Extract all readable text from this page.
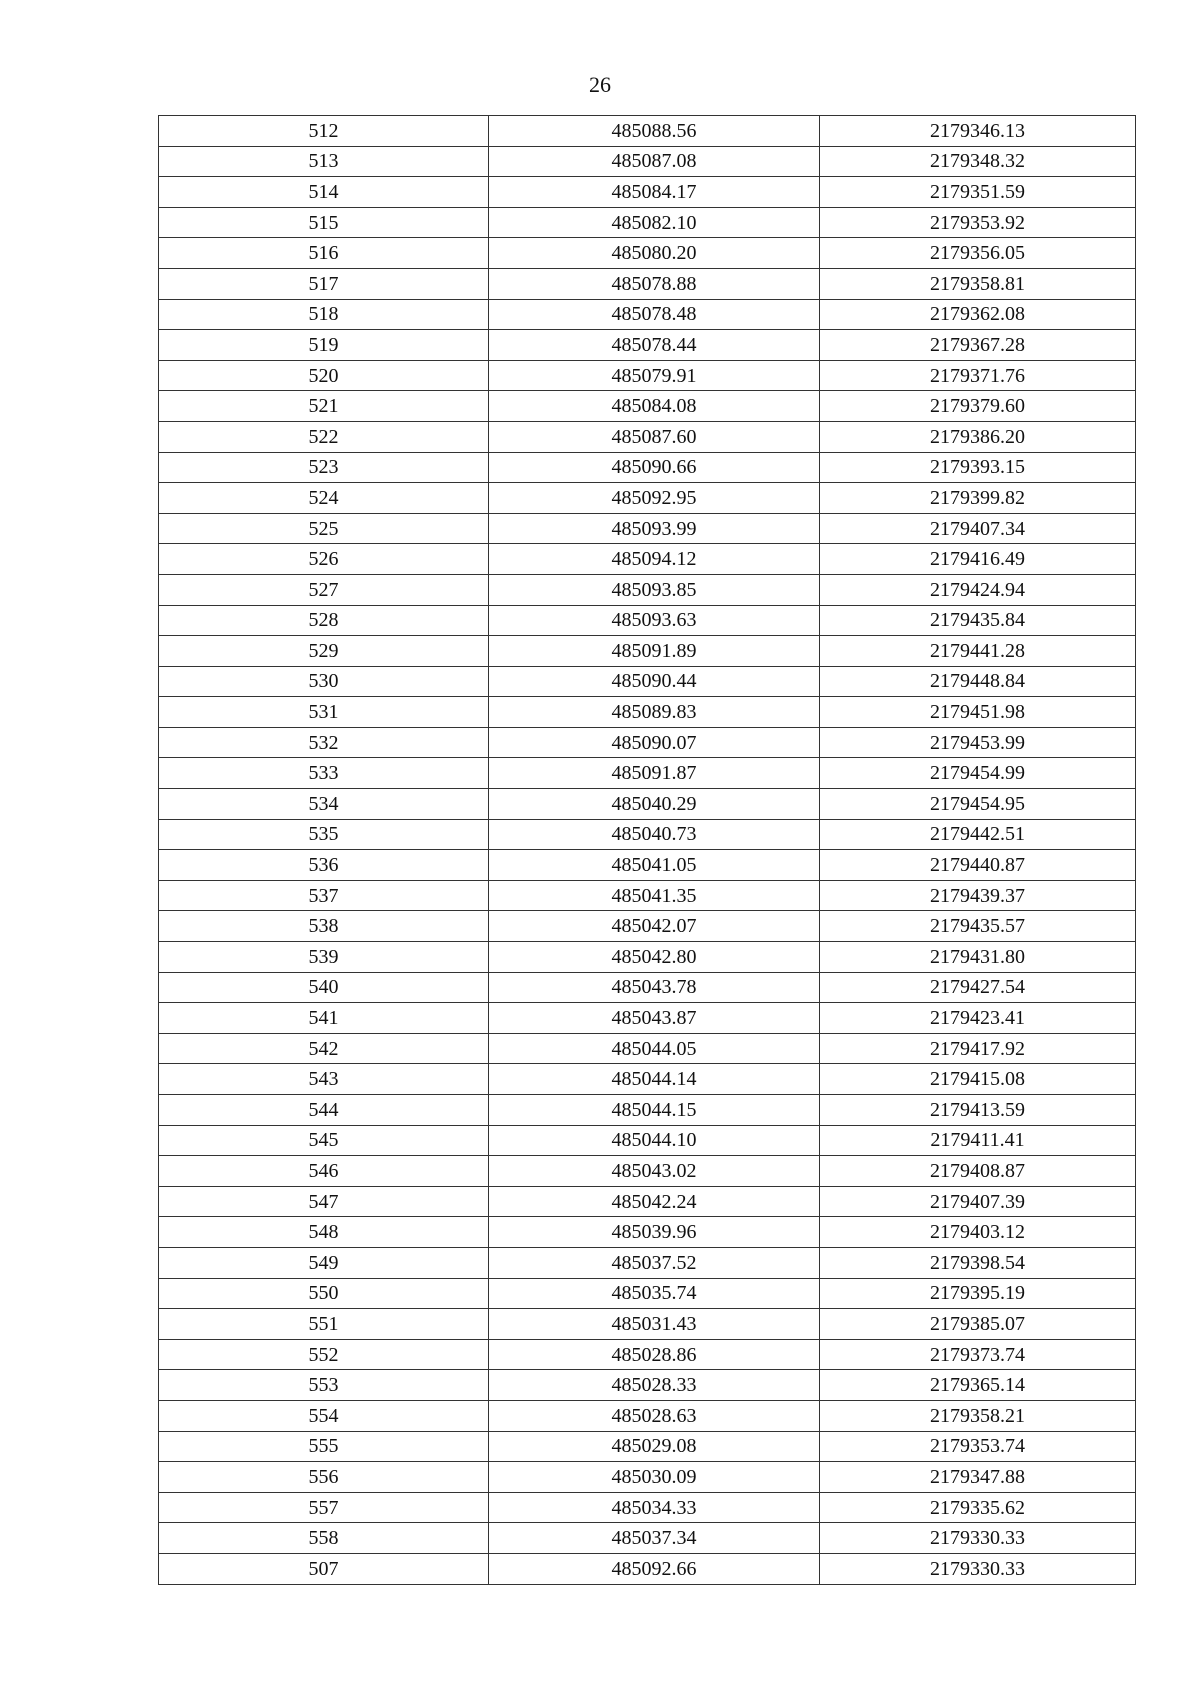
26
512	485088.56	2179346.13
513	485087.08	2179348.32
514	485084.17	2179351.59
515	485082.10	2179353.92
516	485080.20	2179356.05
517	485078.88	2179358.81
518	485078.48	2179362.08
519	485078.44	2179367.28
520	485079.91	2179371.76
521	485084.08	2179379.60
522	485087.60	2179386.20
523	485090.66	2179393.15
524	485092.95	2179399.82
525	485093.99	2179407.34
526	485094.12	2179416.49
527	485093.85	2179424.94
528	485093.63	2179435.84
529	485091.89	2179441.28
530	485090.44	2179448.84
531	485089.83	2179451.98
532	485090.07	2179453.99
533	485091.87	2179454.99
534	485040.29	2179454.95
535	485040.73	2179442.51
536	485041.05	2179440.87
537	485041.35	2179439.37
538	485042.07	2179435.57
539	485042.80	2179431.80
540	485043.78	2179427.54
541	485043.87	2179423.41
542	485044.05	2179417.92
543	485044.14	2179415.08
544	485044.15	2179413.59
545	485044.10	2179411.41
546	485043.02	2179408.87
547	485042.24	2179407.39
548	485039.96	2179403.12
549	485037.52	2179398.54
550	485035.74	2179395.19
551	485031.43	2179385.07
552	485028.86	2179373.74
553	485028.33	2179365.14
554	485028.63	2179358.21
555	485029.08	2179353.74
556	485030.09	2179347.88
557	485034.33	2179335.62
558	485037.34	2179330.33
507	485092.66	2179330.33
